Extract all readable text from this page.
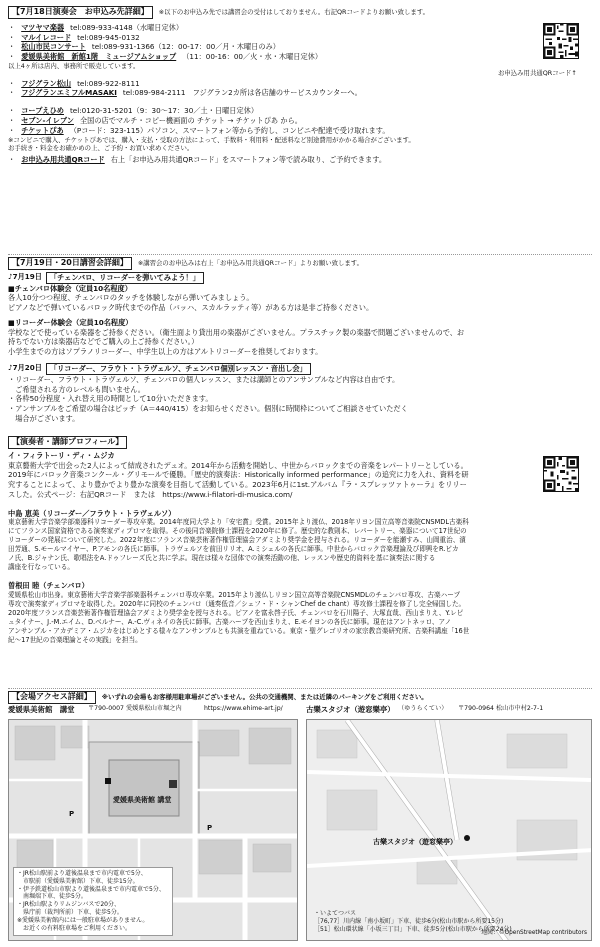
【7月18日演奏会　お申込み先詳細】	※以下のお申込み先では講習会の受付はしておりません。右記QRコードよりお願い致します。
・ マツヤマ楽器 tel:089-933-4148（水曜日定休）
・ マルイレコード tel:089-945-0132
・ 松山市民コンサート tel:089-931-1366（12：00-17：00／月・木曜日のみ）
・ 愛媛県美術館　新館1階　ミュージアムショップ （11：00-16：00／火・水・木曜日定休）
以上4ヶ所は店内、事務所で販売しています。
・ フジグラン松山 tel:089-922-8111
・ フジグランエミフルMASAKI tel:089-984-2111　フジグラン2カ所は各店舗のサービスカウンターへ。
・ コープえひめ tel:0120-31-5201（9：30～17：30／土・日曜日定休）
・ セブン-イレブン 全国の店でマルチ・コピー機画面の チケット → チケットぴあ から。
・ チケットぴあ （Pコード：323-115）パソコン、スマートフォン等から予約し、コンビニや配達で受け取れます。
※コンビニで購入、チケットぴあでは、購入・支払・受取の方法によって、手数料・利用料・配送料など別途費用がかかる場合がございます。
お手続き・料金をお確かめの上、ご予約・お買い求めください。
・ お申込み用共通QRコード 右上「お申込み用共通QRコード」をスマートフォン等で読み取り、ご予約できます。
お申込み用共通QRコード↑
【7月19日・20日講習会詳細】	※講習会のお申込みは右上「お申込み用共通QRコード」よりお願い致します。
♪7月19日	「チェンバロ、リコーダーを弾いてみよう！」
■チェンバロ体験会（定員10名程度）
各人10分つつ程度、チェンバロのタッチを体験しながら弾いてみましょう。
ピアノなどで弾いているバロック時代までの作品（バッハ、スカルラッティ等）がある方は是非ご持参ください。
■リコーダー体験会（定員10名程度）
学校などで使っている楽器をご持参ください。（衛生面より貸出用の楽器がございません。プラスチック製の楽器で問題ございませんので、お
持ちでない方は楽器店などでご購入の上ご持参ください。）
小学生までの方はソプラノリコーダー、中学生以上の方はアルトリコーダーを推奨しております。
♪7月20日	「リコーダー、フラウト・トラヴェルソ、チェンバロ個別レッスン・音出し会」
・リコーダー、フラウト・トラヴェルソ、チェンバロの個人レッスン、または講師とのアンサンブルなど内容は自由です。
　ご希望される方のレベルも問いません。
・各枠50分程度・入れ替え用の時間として10分いただきます。
・アンサンブルをご希望の場合はピッチ（A＝440/415）をお知らせください。個別に時間枠についてご相談させていただく
　場合がございます。
【演奏者・講師プロフィール】
イ・フィラトーリ・ディ・ムジカ
東京藝術大学で出会った2人によって結成されたデュオ。2014年から活動を開始し、中世からバロックまでの音楽をレパートリーとしている。
2019年にバロック音楽コンクール・グリモールで優勝。「歴史的演奏法：Historically informed performance」の追究に力を入れ、資料を研
究することによって、より豊かでより豊かな演奏を目指して活動している。2023年6月に1st.アルバム『ラ・スプレッツァトゥーラ』をリリー
スした。公式ページ：右記QRコード　または　https://www.i-filatori-di-musica.com/
中島 恵美（リコーダー／フラウト・トラヴェルソ）
東京藝術大学音楽学部楽器科リコーダー専攻卒業。2014年度同大学より「安宅賞」受賞。2015年より渡仏、2018年リヨン国立高等音楽院CNSMDL古楽科
にてフランス国家資格である演奏家ディプロマを取得。その後同音楽院修士課程を2020年に修了。歴史的な教則本、レパートリー、楽器について17世紀の
リコーダーの発展について研究した。2022年度にフランス音楽芸術著作権管理協会アダミより奨学金を授与される。リコーダーを能瀬すみ、山岡重治、濱
田芳通、S.モールマイヤー、P.アモンの各氏に師事。トラヴェルソを前田リリオ、A.ミシェルの各氏に師事。中世からバロック音楽理論及び即興をR.ビカ
ノ氏、B.ジャナン氏、歌唱法をA.ドゥフレーズ氏と共に学ぶ。現在は様々な団体での演奏活動の他、レッスンや歴史的資料を基に演奏法に関する
講座を行なっている。
曽根田 睦（チェンバロ）
愛媛県松山市出身。東京藝術大学音楽学部楽器科チェンバロ専攻卒業。2015年より渡仏しリヨン国立高等音楽院CNSMDLのチェンバロ専攻、古楽ハープ
専攻で演奏家ディプロマを取得した。2020年に同校のチェンバロ（通奏低音／シェフ・ド・シャンChef de chant）専攻修士課程を修了し完全帰国した。
2020年度フランス音楽芸術著作権管理協会アダミより奨学金を授与される。ピアノを富永啓子氏、チェンバロを石川陽子、大塚直哉、西山まりえ、Y.レピ
ュタイナー、J.-M.エイム、D.ベルナー、A.-C.ヴィネイの各氏に師事。古楽ハープを西山まりえ、E.モイヨンの各氏に師事。現在はアントネッロ、アノ
アンサンブル・アカデミア・ムジカをはじめとする様々なアンサンブルとも共演を重ねている。東京・聖グレゴリオの家宗教音楽研究所、古楽科講座「16世
紀～17世紀の音楽理論とその実践」を担当。
【会場アクセス詳細】	※いずれの会場もお客様用駐車場がございません。公共の交通機関、または近隣のパーキングをご利用ください。
愛媛県美術館　講堂 〒790-0007 愛媛県松山市堀之内	https://www.ehime-art.jp/
愛媛県美術館 講堂
P
P
・JR松山駅前より道後温泉まで市内電車で5分、
　市駅前（愛媛県美術館）下車、徒歩15分。
・伊予鉄道松山市駅より道後温泉まで市内電車で5分、
　南堀端下車、徒歩5分。
・JR松山駅よりリムジンバスで20分、
　県庁前（裁判所前）下車、徒歩5分。
※愛媛県美術館内には一般駐車場がありません。
　お近くの有料駐車場をご利用ください。
古樂スタジオ（遊窓樂亭） （ゆうらくてい） 〒790-0964 松山市中村2-7-1
古樂スタジオ（遊窓樂亭）
・いよてつバス
［76,77］川内線「南小坂町」下車、徒歩6分(松山市駅から所要15分)
［51］松山環状線「小坂三丁目」下車、徒歩5分(松山市駅から所要24分)
地図：©OpenStreetMap contributors
